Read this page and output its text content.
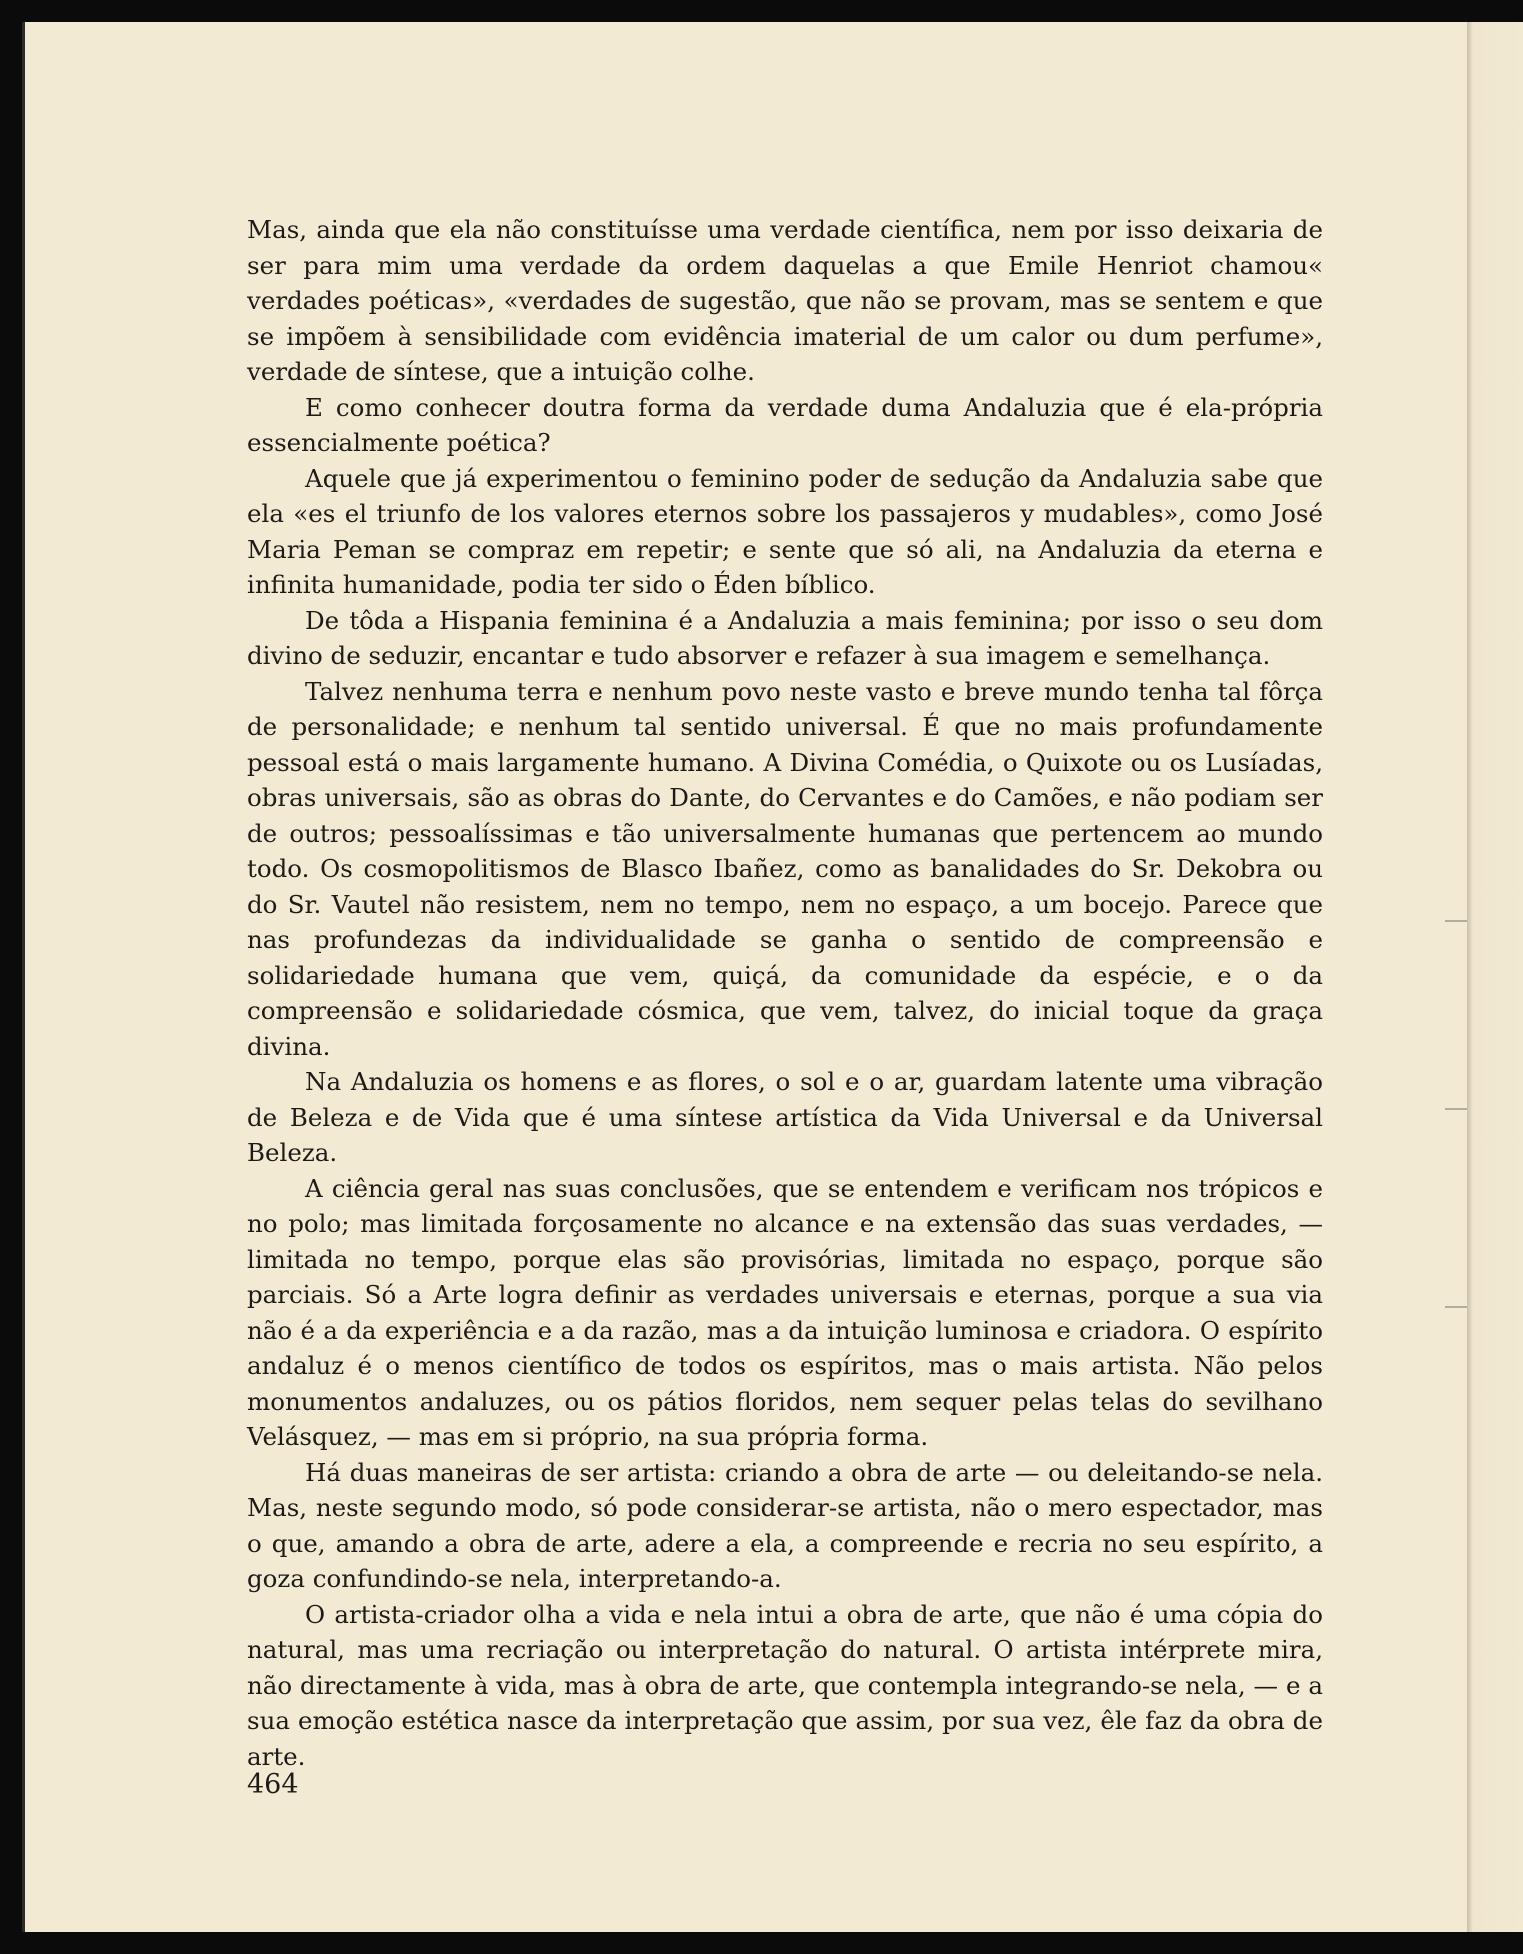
Mas, ainda que ela não constituísse uma verdade científica, nem por isso deixaria de ser para mim uma verdade da ordem daquelas a que Emile Henriot chamou« verdades poéticas», «verdades de sugestão, que não se provam, mas se sentem e que se impõem à sensibilidade com evidência imaterial de um calor ou dum perfume», verdade de síntese, que a intuição colhe.

E como conhecer doutra forma da verdade duma Andaluzia que é ela-própria essencialmente poética?

Aquele que já experimentou o feminino poder de sedução da Andaluzia sabe que ela «es el triunfo de los valores eternos sobre los passajeros y mudables», como José Maria Peman se compraz em repetir; e sente que só ali, na Andaluzia da eterna e infinita humanidade, podia ter sido o Éden bíblico.

De tôda a Hispania feminina é a Andaluzia a mais feminina; por isso o seu dom divino de seduzir, encantar e tudo absorver e refazer à sua imagem e semelhança.

Talvez nenhuma terra e nenhum povo neste vasto e breve mundo tenha tal fôrça de personalidade; e nenhum tal sentido universal. É que no mais profundamente pessoal está o mais largamente humano. A Divina Comédia, o Quixote ou os Lusíadas, obras universais, são as obras do Dante, do Cervantes e do Camões, e não podiam ser de outros; pessoalíssimas e tão universalmente humanas que pertencem ao mundo todo. Os cosmopolitismos de Blasco Ibañez, como as banalidades do Sr. Dekobra ou do Sr. Vautel não resistem, nem no tempo, nem no espaço, a um bocejo. Parece que nas profundezas da individualidade se ganha o sentido de compreensão e solidariedade humana que vem, quiçá, da comunidade da espécie, e o da compreensão e solidariedade cósmica, que vem, talvez, do inicial toque da graça divina.

Na Andaluzia os homens e as flores, o sol e o ar, guardam latente uma vibração de Beleza e de Vida que é uma síntese artística da Vida Universal e da Universal Beleza.

A ciência geral nas suas conclusões, que se entendem e verificam nos trópicos e no polo; mas limitada forçosamente no alcance e na extensão das suas verdades, — limitada no tempo, porque elas são provisórias, limitada no espaço, porque são parciais. Só a Arte logra definir as verdades universais e eternas, porque a sua via não é a da experiência e a da razão, mas a da intuição luminosa e criadora. O espírito andaluz é o menos científico de todos os espíritos, mas o mais artista. Não pelos monumentos andaluzes, ou os pátios floridos, nem sequer pelas telas do sevilhano Velásquez, — mas em si próprio, na sua própria forma.

Há duas maneiras de ser artista: criando a obra de arte — ou deleitando-se nela. Mas, neste segundo modo, só pode considerar-se artista, não o mero espectador, mas o que, amando a obra de arte, adere a ela, a compreende e recria no seu espírito, a goza confundindo-se nela, interpretando-a.

O artista-criador olha a vida e nela intui a obra de arte, que não é uma cópia do natural, mas uma recriação ou interpretação do natural. O artista intérprete mira, não directamente à vida, mas à obra de arte, que contempla integrando-se nela, — e a sua emoção estética nasce da interpretação que assim, por sua vez, êle faz da obra de arte.

464
